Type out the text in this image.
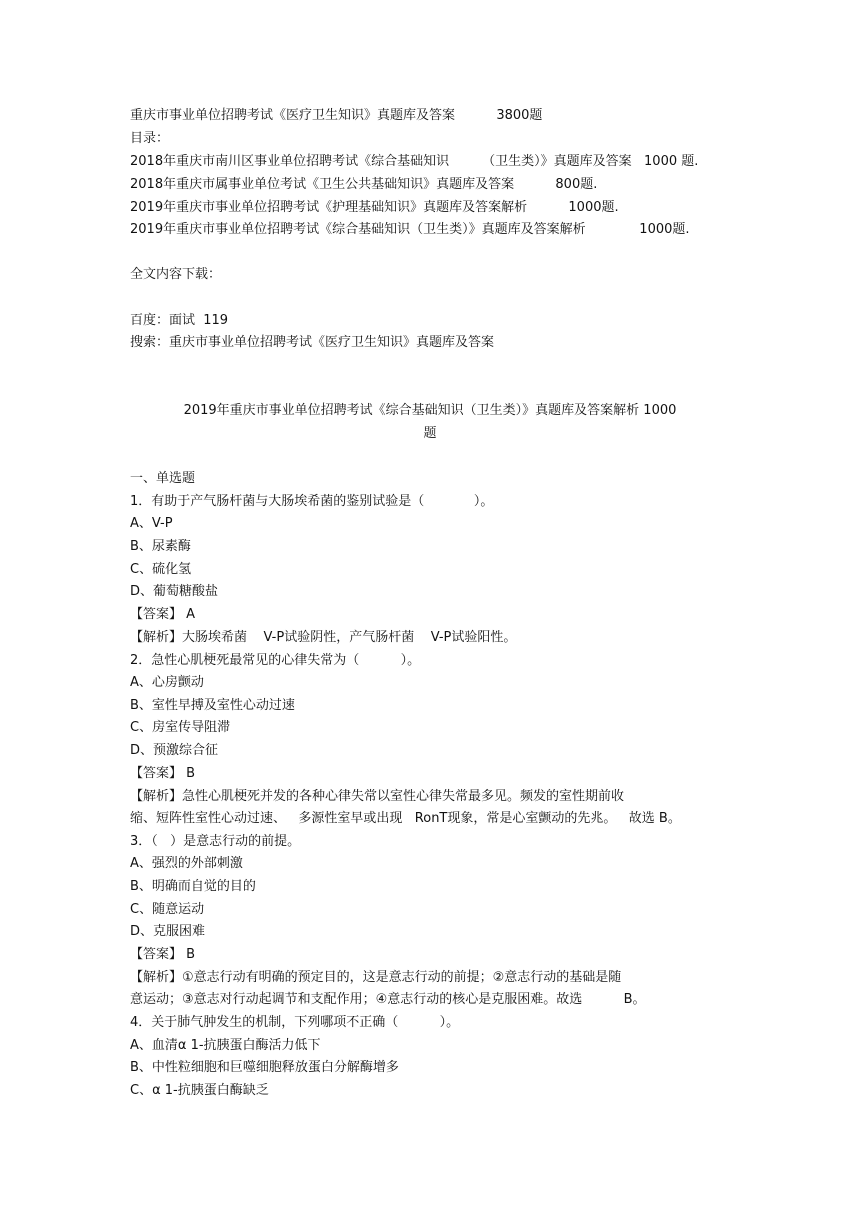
重庆市事业单位招聘考试《医疗卫生知识》真题库及答案          3800题
目录：
2018年重庆市南川区事业单位招聘考试《综合基础知识        （卫生类）》真题库及答案   1000 题.
2018年重庆市属事业单位考试《卫生公共基础知识》真题库及答案          800题.
2019年重庆市事业单位招聘考试《护理基础知识》真题库及答案解析          1000题.
2019年重庆市事业单位招聘考试《综合基础知识（卫生类）》真题库及答案解析             1000题.
全文内容下载：
百度：面试  119
搜索：重庆市事业单位招聘考试《医疗卫生知识》真题库及答案
2019年重庆市事业单位招聘考试《综合基础知识（卫生类）》真题库及答案解析 1000
题
一、单选题
1．有助于产气肠杆菌与大肠埃希菌的鉴别试验是（            ）。
A、V-P
B、尿素酶
C、硫化氢
D、葡萄糖酸盐
【答案】 A
【解析】大肠埃希菌    V-P试验阴性，产气肠杆菌    V-P试验阳性。
2．急性心肌梗死最常见的心律失常为（          ）。
A、心房颤动
B、室性早搏及室性心动过速
C、房室传导阻滞
D、预激综合征
【答案】 B
【解析】急性心肌梗死并发的各种心律失常以室性心律失常最多见。频发的室性期前收
缩、短阵性室性心动过速、   多源性室早或出现   RonT现象，常是心室颤动的先兆。   故选 B。
3．（   ）是意志行动的前提。
A、强烈的外部刺激
B、明确而自觉的目的
C、随意运动
D、克服困难
【答案】 B
【解析】①意志行动有明确的预定目的，这是意志行动的前提；②意志行动的基础是随
意运动；③意志对行动起调节和支配作用；④意志行动的核心是克服困难。故选          B。
4．关于肺气肿发生的机制，下列哪项不正确（          ）。
A、血清α 1-抗胰蛋白酶活力低下
B、中性粒细胞和巨噬细胞释放蛋白分解酶增多
C、α 1-抗胰蛋白酶缺乏
